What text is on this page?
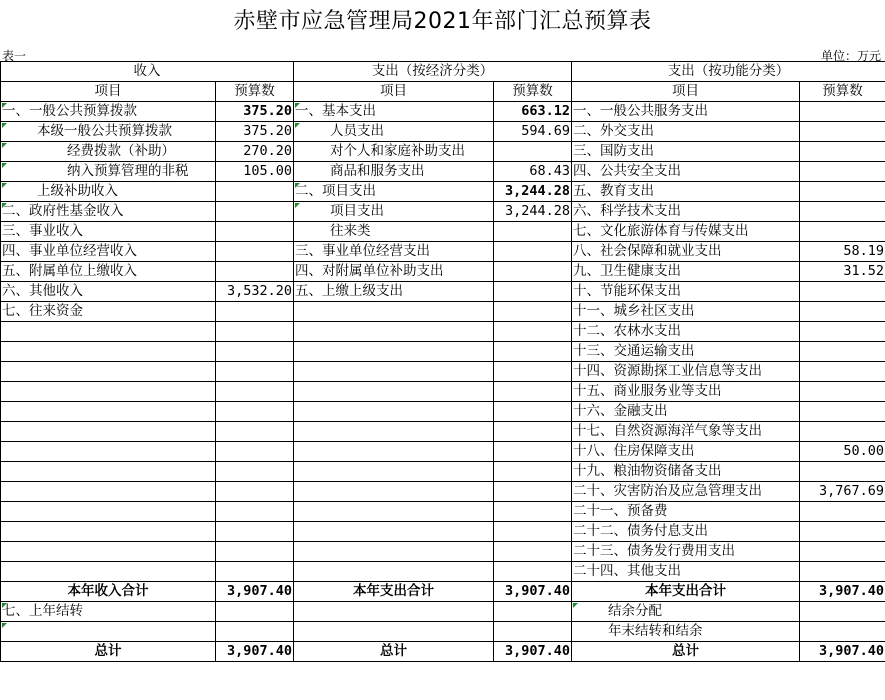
赤壁市应急管理局2021年部门汇总预算表
表一	单位：万元
收入		支出（按经济分类）		支出（按功能分类）	
项目	预算数	项目	预算数	项目	预算数
一、一般公共预算拨款	375.20	一、基本支出	663.12	一、一般公共服务支出	
本级一般公共预算拨款	375.20	人员支出	594.69	二、外交支出	
经费拨款（补助）	270.20	对个人和家庭补助支出		三、国防支出	
纳入预算管理的非税	105.00	商品和服务支出	68.43	四、公共安全支出	
上级补助收入		二、项目支出	3,244.28	五、教育支出	
二、政府性基金收入		项目支出	3,244.28	六、科学技术支出	
三、事业收入		往来类		七、文化旅游体育与传媒支出	
四、事业单位经营收入		三、事业单位经营支出		八、社会保障和就业支出	58.19
五、附属单位上缴收入		四、对附属单位补助支出		九、卫生健康支出	31.52
六、其他收入	3,532.20	五、上缴上级支出		十、节能环保支出	
七、往来资金				十一、城乡社区支出	
				十二、农林水支出	
				十三、交通运输支出	
				十四、资源勘探工业信息等支出	
				十五、商业服务业等支出	
				十六、金融支出	
				十七、自然资源海洋气象等支出	
				十八、住房保障支出	50.00
				十九、粮油物资储备支出	
				二十、灾害防治及应急管理支出	3,767.69
				二十一、预备费	
				二十二、债务付息支出	
				二十三、债务发行费用支出	
				二十四、其他支出	
本年收入合计	3,907.40	本年支出合计	3,907.40	本年支出合计	3,907.40
七、上年结转				结余分配	
				年末结转和结余	
总计	3,907.40	总计	3,907.40	总计	3,907.40
